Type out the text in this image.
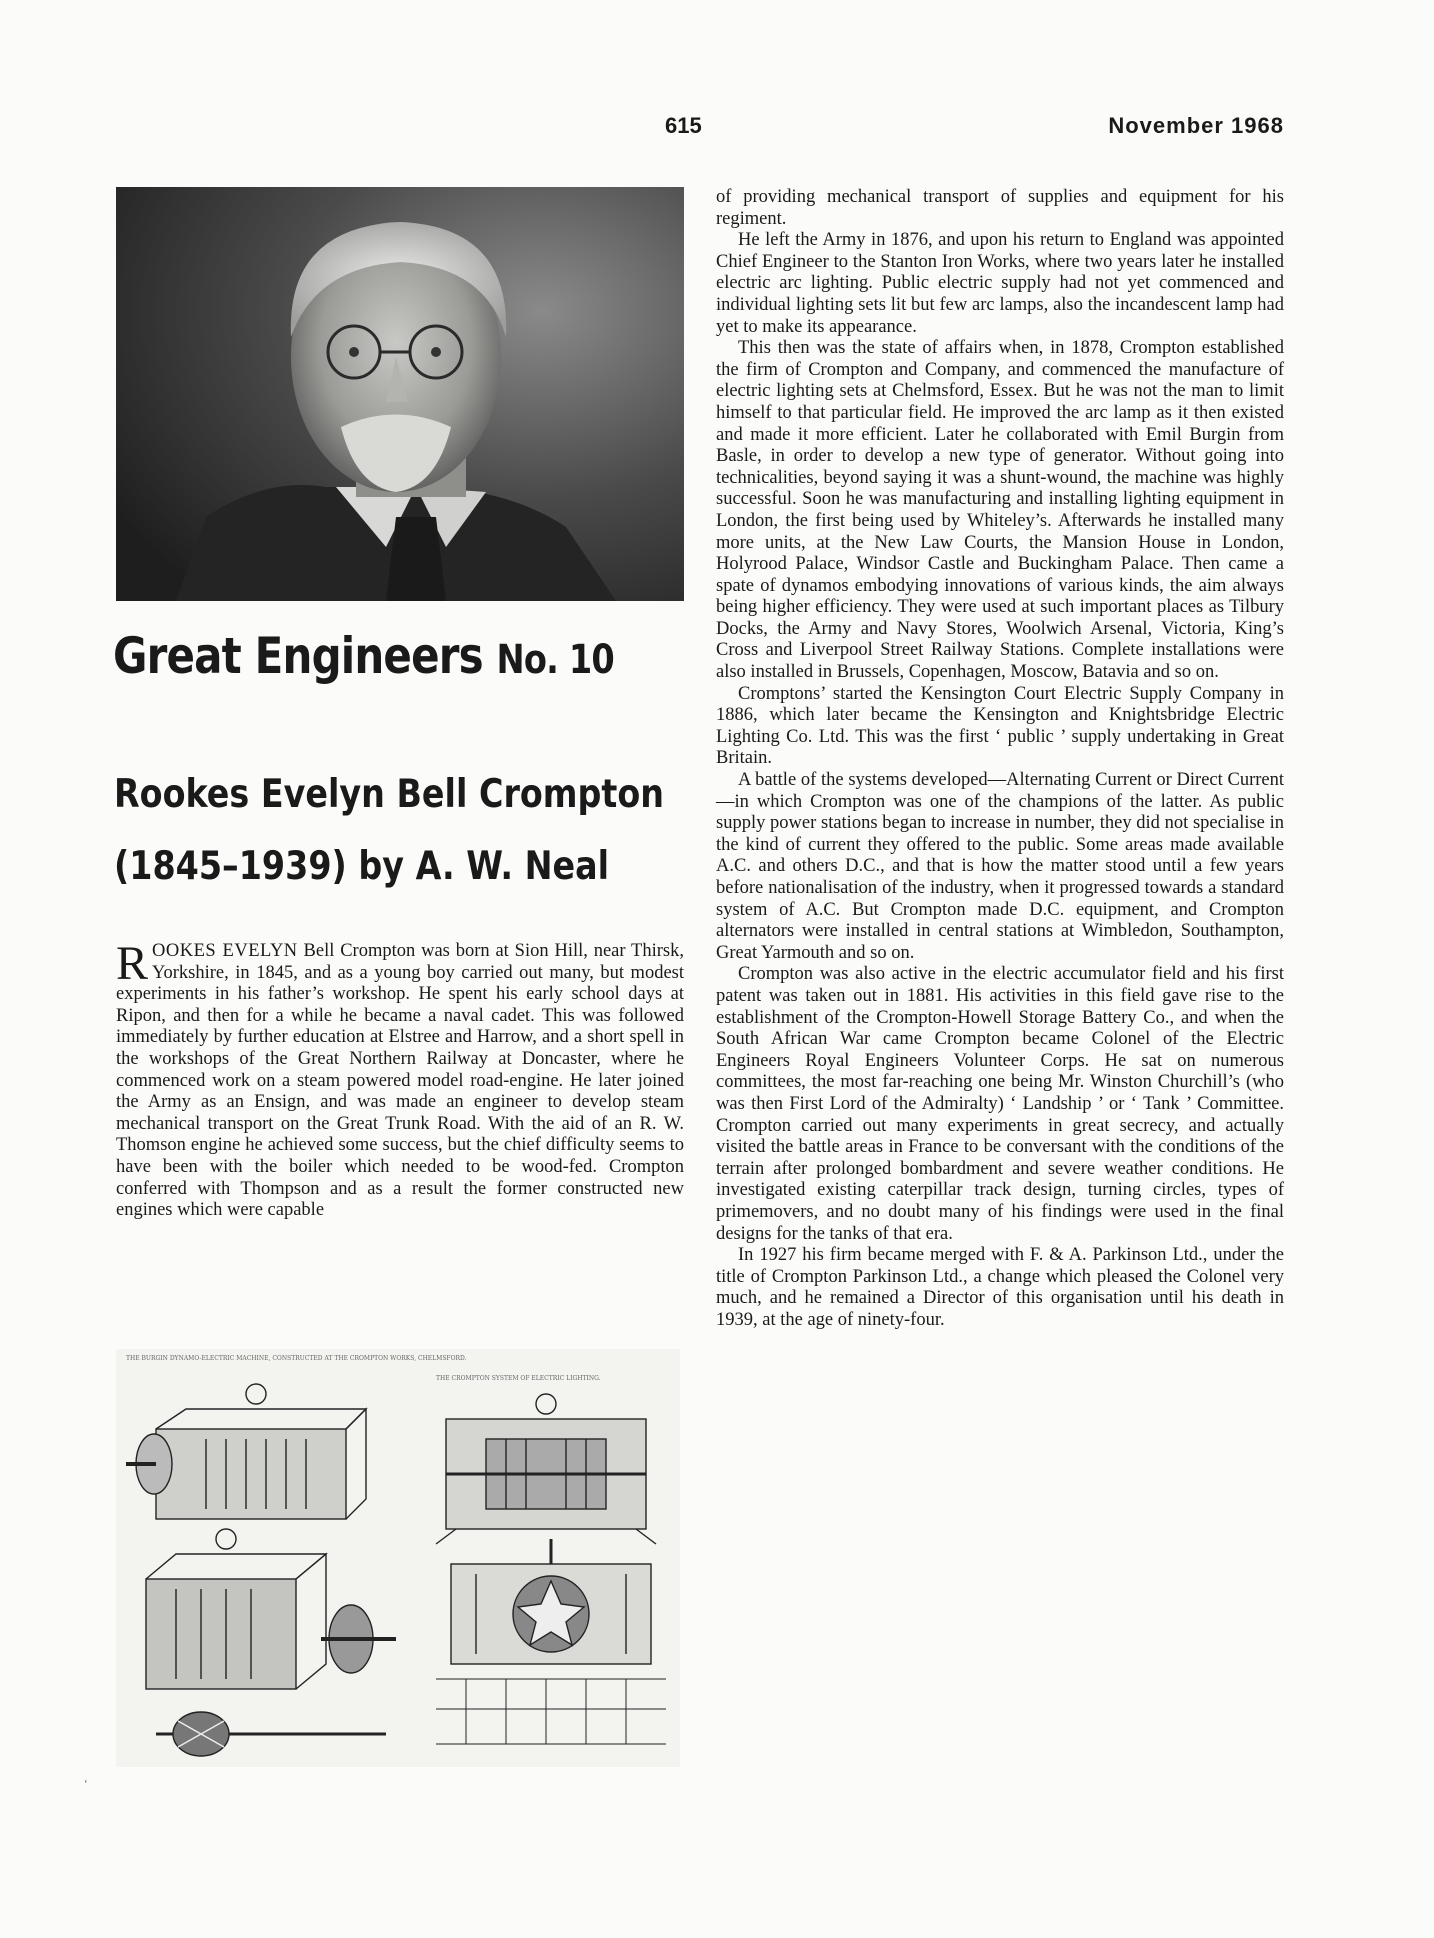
615	November 1968
Great Engineers No. 10
Rookes Evelyn Bell Crompton
(1845–1939) by A. W. Neal

ROOKES EVELYN Bell Crompton was born at Sion Hill, near Thirsk, Yorkshire, in 1845, and as a young boy carried out many, but modest experiments in his father’s workshop. He spent his early school days at Ripon, and then for a while he became a naval cadet. This was followed immediately by further education at Elstree and Harrow, and a short spell in the workshops of the Great Northern Railway at Doncaster, where he commenced work on a steam powered model road-engine. He later joined the Army as an Ensign, and was made an engineer to develop steam mechanical transport on the Great Trunk Road. With the aid of an R. W. Thomson engine he achieved some success, but the chief difficulty seems to have been with the boiler which needed to be wood-fed. Crompton conferred with Thompson and as a result the former constructed new engines which were capable

of providing mechanical transport of supplies and equipment for his regiment.

He left the Army in 1876, and upon his return to England was appointed Chief Engineer to the Stanton Iron Works, where two years later he installed electric arc lighting. Public electric supply had not yet commenced and individual lighting sets lit but few arc lamps, also the incandescent lamp had yet to make its appearance.

This then was the state of affairs when, in 1878, Crompton established the firm of Crompton and Company, and commenced the manufacture of electric lighting sets at Chelmsford, Essex. But he was not the man to limit himself to that particular field. He improved the arc lamp as it then existed and made it more efficient. Later he collaborated with Emil Burgin from Basle, in order to develop a new type of generator. Without going into technicalities, beyond saying it was a shunt-wound, the machine was highly successful. Soon he was manufacturing and installing lighting equipment in London, the first being used by Whiteley’s. Afterwards he installed many more units, at the New Law Courts, the Mansion House in London, Holyrood Palace, Windsor Castle and Buckingham Palace. Then came a spate of dynamos embodying innovations of various kinds, the aim always being higher efficiency. They were used at such important places as Tilbury Docks, the Army and Navy Stores, Woolwich Arsenal, Victoria, King’s Cross and Liverpool Street Railway Stations. Complete installations were also installed in Brussels, Copenhagen, Moscow, Batavia and so on.

Cromptons’ started the Kensington Court Electric Supply Company in 1886, which later became the Kensington and Knightsbridge Electric Lighting Co. Ltd. This was the first ‘ public ’ supply undertaking in Great Britain.

A battle of the systems developed—Alternating Current or Direct Current—in which Crompton was one of the champions of the latter. As public supply power stations began to increase in number, they did not specialise in the kind of current they offered to the public. Some areas made available A.C. and others D.C., and that is how the matter stood until a few years before nationalisation of the industry, when it progressed towards a standard system of A.C. But Crompton made D.C. equipment, and Crompton alternators were installed in central stations at Wimbledon, Southampton, Great Yarmouth and so on.

Crompton was also active in the electric accumulator field and his first patent was taken out in 1881. His activities in this field gave rise to the establishment of the Crompton-Howell Storage Battery Co., and when the South African War came Crompton became Colonel of the Electric Engineers Royal Engineers Volunteer Corps. He sat on numerous committees, the most far-reaching one being Mr. Winston Churchill’s (who was then First Lord of the Admiralty) ‘ Landship ’ or ‘ Tank ’ Committee. Crompton carried out many experiments in great secrecy, and actually visited the battle areas in France to be conversant with the conditions of the terrain after prolonged bombardment and severe weather conditions. He investigated existing caterpillar track design, turning circles, types of primemovers, and no doubt many of his findings were used in the final designs for the tanks of that era.

In 1927 his firm became merged with F. & A. Parkinson Ltd., under the title of Crompton Parkinson Ltd., a change which pleased the Colonel very much, and he remained a Director of this organisation until his death in 1939, at the age of ninety-four.

THE BURGIN DYNAMO-ELECTRIC MACHINE, CONSTRUCTED AT THE CROMPTON WORKS, CHELMSFORD.
THE CROMPTON SYSTEM OF ELECTRIC LIGHTING.
‘
